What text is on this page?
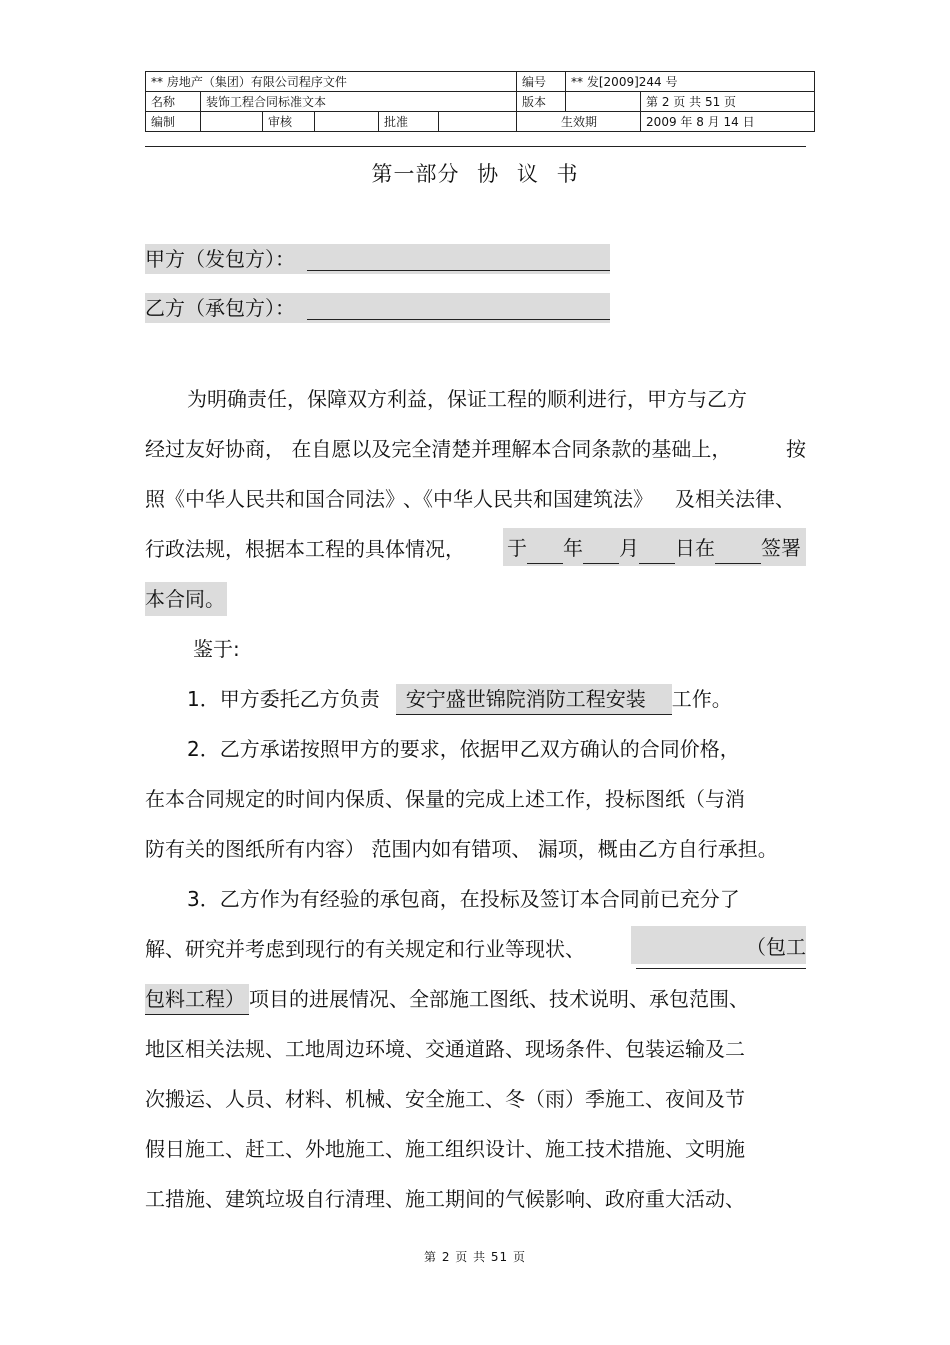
** 房地产（集团）有限公司程序文件						编号	** 发[2009]244 号	
名称	装饰工程合同标准文本					版本		第 2 页 共 51 页
编制		审核		批准		生效期		2009 年 8 月 14 日
第一部分 协 议 书
甲方（发包方）：
乙方（承包方）：
为明确责任，保障双方利益，保证工程的顺利进行，甲方与乙方
经过友好协商， 在自愿以及完全清楚并理解本合同条款的基础上，	按
照《中华人民共和国合同法》 、《中华人民共和国建筑法》 及相关法律、
行政法规，根据本工程的具体情况，	于 年 月 日在 签署
本合同。
鉴于:
1．甲方委托乙方负责 安宁盛世锦院消防工程安装 工作。
2．乙方承诺按照甲方的要求，依据甲乙双方确认的合同价格，
在本合同规定的时间内保质、保量的完成上述工作，投标图纸（与消
防有关的图纸所有内容） 范围内如有错项、 漏项，概由乙方自行承担。
3．乙方作为有经验的承包商，在投标及签订本合同前已充分了
解、研究并考虑到现行的有关规定和行业等现状、	（包工
包料工程） 项目的进展情况、全部施工图纸、技术说明、承包范围、
地区相关法规、工地周边环境、交通道路、现场条件、包装运输及二
次搬运、人员、材料、机械、安全施工、冬（雨）季施工、夜间及节
假日施工、赶工、外地施工、施工组织设计、施工技术措施、文明施
工措施、建筑垃圾自行清理、施工期间的气候影响、政府重大活动、
第 2 页 共 51 页
